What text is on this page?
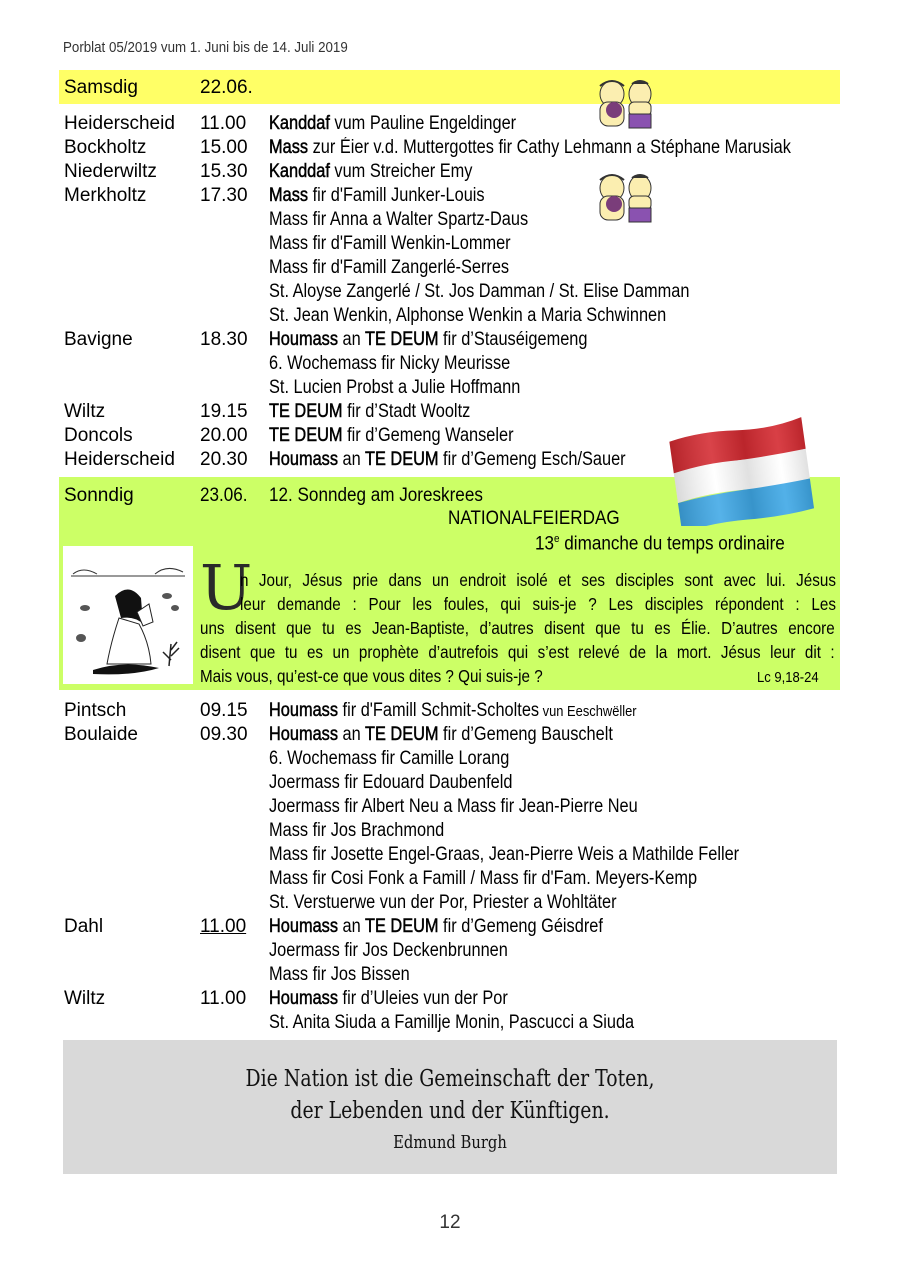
Porblat 05/2019 vum 1. Juni bis de 14. Juli 2019
Samsdig	22.06.
Heiderscheid 11.00 Kanddaf vum Pauline Engeldinger
Bockholtz	15.00 Mass zur Éier v.d. Muttergottes fir Cathy Lehmann a Stéphane Marusiak
Niederwiltz 15.30 Kanddaf vum Streicher Emy
Merkholtz	17.30 Mass fir d'Famill Junker-Louis
Mass fir Anna a Walter Spartz-Daus
Mass fir d'Famill Wenkin-Lommer
Mass fir d'Famill Zangerlé-Serres
St. Aloyse Zangerlé / St. Jos Damman / St. Elise Damman
St. Jean Wenkin, Alphonse Wenkin a Maria Schwinnen
Bavigne	18.30 Houmass an TE DEUM fir d’Stauséigemeng
6. Wochemass fir Nicky Meurisse
St. Lucien Probst a Julie Hoffmann
Wiltz	19.15 TE DEUM fir d’Stadt Wooltz
Doncols	20.00 TE DEUM fir d’Gemeng Wanseler
Heiderscheid 20.30 Houmass an TE DEUM fir d’Gemeng Esch/Sauer
Sonndig	23.06. 12. Sonndeg am Joreskrees
NATIONALFEIERDAG
13e dimanche du temps ordinaire
U
n Jour, Jésus prie dans un endroit isolé et ses disciples sont avec lui. Jésus
leur demande : Pour les foules, qui suis-je ? Les disciples répondent : Les
uns disent que tu es Jean-Baptiste, d’autres disent que tu es Élie. D’autres encore
disent que tu es un prophète d’autrefois qui s’est relevé de la mort. Jésus leur dit :
Mais vous, qu’est-ce que vous dites ? Qui suis-je ?	Lc 9,18-24
Pintsch	09.15 Houmass fir d'Famill Schmit-Scholtes vun Eeschwëller
Boulaide	09.30 Houmass an TE DEUM fir d’Gemeng Bauschelt
6. Wochemass fir Camille Lorang
Joermass fir Edouard Daubenfeld
Joermass fir Albert Neu a Mass fir Jean-Pierre Neu
Mass fir Jos Brachmond
Mass fir Josette Engel-Graas, Jean-Pierre Weis a Mathilde Feller
Mass fir Cosi Fonk a Famill / Mass fir d'Fam. Meyers-Kemp
St. Verstuerwe vun der Por, Priester a Wohltäter
Dahl	11.00 Houmass an TE DEUM fir d’Gemeng Géisdref
Joermass fir Jos Deckenbrunnen
Mass fir Jos Bissen
Wiltz	11.00 Houmass fir d’Uleies vun der Por
St. Anita Siuda a Famillje Monin, Pascucci a Siuda
Die Nation ist die Gemeinschaft der Toten,
der Lebenden und der Künftigen.
Edmund Burgh
12
